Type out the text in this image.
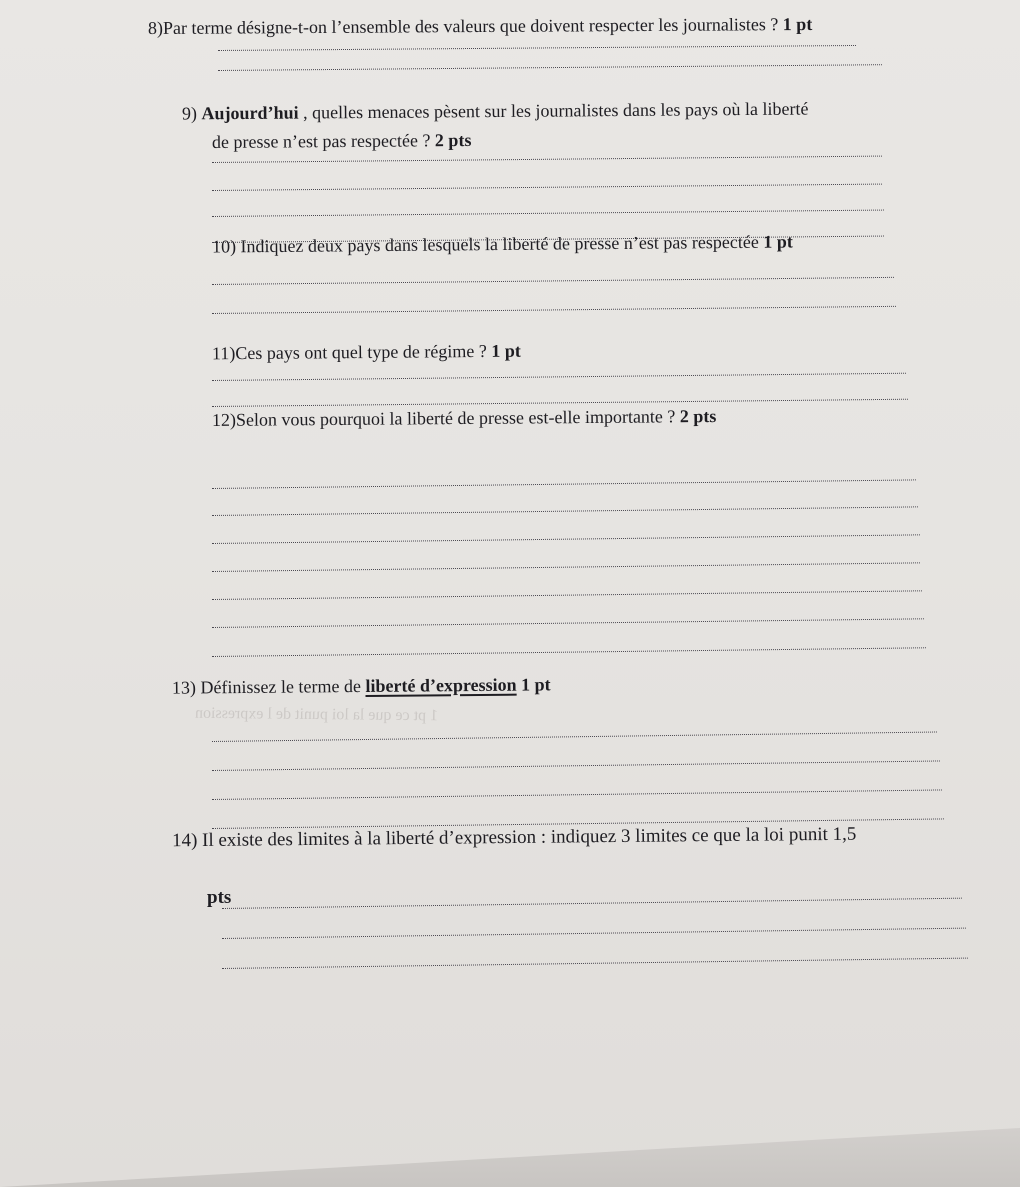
1 pt ce que la loi punit de l expression
8)Par terme désigne-t-on l’ensemble des valeurs que doivent respecter les journalistes ? 1 pt
9) Aujourd’hui , quelles menaces pèsent sur les journalistes dans les pays où la liberté
de presse n’est pas respectée ? 2 pts
10) Indiquez deux pays dans lesquels la liberté de presse n’est pas respectée 1 pt
11)Ces pays ont quel type de régime ? 1 pt
12)Selon vous pourquoi la liberté de presse est-elle importante ? 2 pts
13) Définissez le terme de liberté d’expression 1 pt
14) Il existe des limites à la liberté d’expression : indiquez 3 limites ce que la loi punit 1,5
pts
